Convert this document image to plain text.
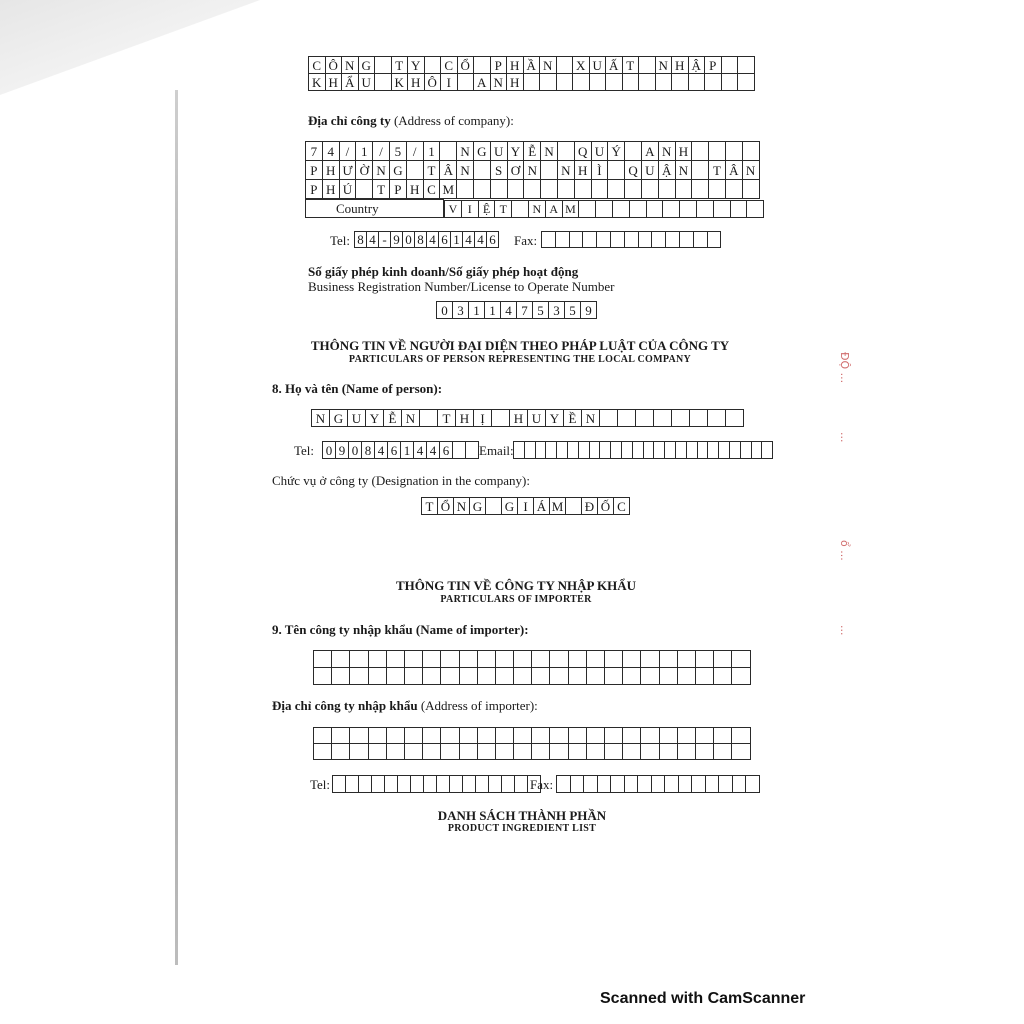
C	Ô	N	G		T	Y		C	Ổ		P	H	Ầ	N		X	U	Ấ	T		N	H	Ậ	P		
K	H	Ẩ	U		K	H	Ô	I		A	N	H														
Địa chỉ công ty (Address of company):
7	4	/	1	/	5	/	1		N	G	U	Y	Ễ	N		Q	U	Ý		A	N	H				
P	H	Ư	Ờ	N	G		T	Â	N		S	Ơ	N		N	H	Ì		Q	U	Ậ	N		T	Â	N
P	H	Ú		T	P	H	C	M																		
Country		V	I	Ệ	T		N	A	M											
Tel: 8	4	-	9	0	8	4	6	1	4	4	6 Fax:

Số giấy phép kinh doanh/Số giấy phép hoạt động
Business Registration Number/License to Operate Number
0	3	1	1	4	7	5	3	5	9
THÔNG TIN VỀ NGƯỜI ĐẠI DIỆN THEO PHÁP LUẬT CỦA CÔNG TY
PARTICULARS OF PERSON REPRESENTING THE LOCAL COMPANY
8. Họ và tên (Name of person):
N	G	U	Y	Ễ	N		T	H	Ị		H	U	Y	Ề	N								
Tel: 0	9	0	8	4	6	1	4	4	6		Email:

Chức vụ ở công ty (Designation in the company):
T	Ổ	N	G		G	I	Á	M		Đ	Ố	C
THÔNG TIN VỀ CÔNG TY NHẬP KHẨU
PARTICULARS OF IMPORTER
9. Tên công ty nhập khẩu (Name of importer):

Địa chỉ công ty nhập khẩu (Address of importer):

Tel:
																Fax:

DANH SÁCH THÀNH PHẦN
PRODUCT INGREDIENT LIST
ĐỘ ...
...
ổ ...
...
Scanned with CamScanner
